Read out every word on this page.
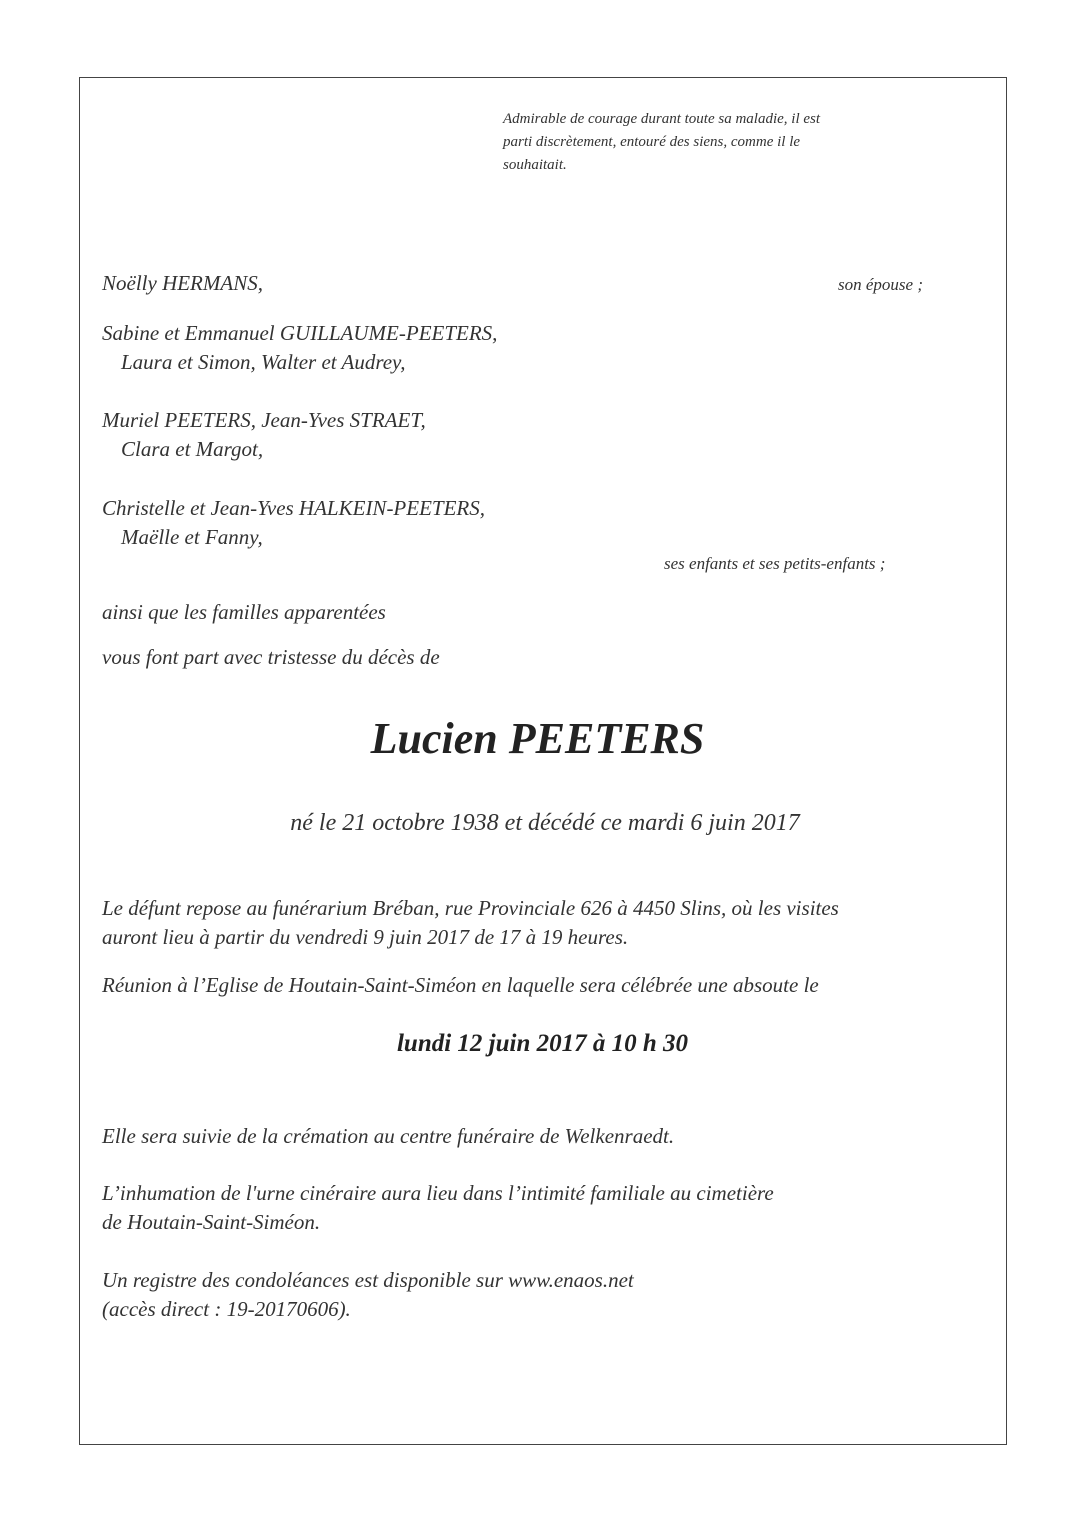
Admirable de courage durant toute sa maladie, il est
parti discrètement, entouré des siens, comme il le
souhaitait.

Noëlly HERMANS,	son épouse ;

Sabine et Emmanuel GUILLAUME-PEETERS,
Laura et Simon, Walter et Audrey,
Muriel PEETERS, Jean-Yves STRAET,
Clara et Margot,
Christelle et Jean-Yves HALKEIN-PEETERS,
Maëlle et Fanny,

ses enfants et ses petits-enfants ;

ainsi que les familles apparentées

vous font part avec tristesse du décès de

Lucien PEETERS

né le 21 octobre 1938 et décédé ce mardi 6 juin 2017

Le défunt repose au funérarium Bréban, rue Provinciale 626 à 4450 Slins, où les visites
auront lieu à partir du vendredi 9 juin 2017 de 17 à 19 heures.

Réunion à l’Eglise de Houtain-Saint-Siméon en laquelle sera célébrée une absoute le

lundi 12 juin 2017 à 10 h 30

Elle sera suivie de la crémation au centre funéraire de Welkenraedt.

L’inhumation de l'urne cinéraire aura lieu dans l’intimité familiale au cimetière
de Houtain-Saint-Siméon.
Un registre des condoléances est disponible sur www.enaos.net
(accès direct : 19-20170606).
